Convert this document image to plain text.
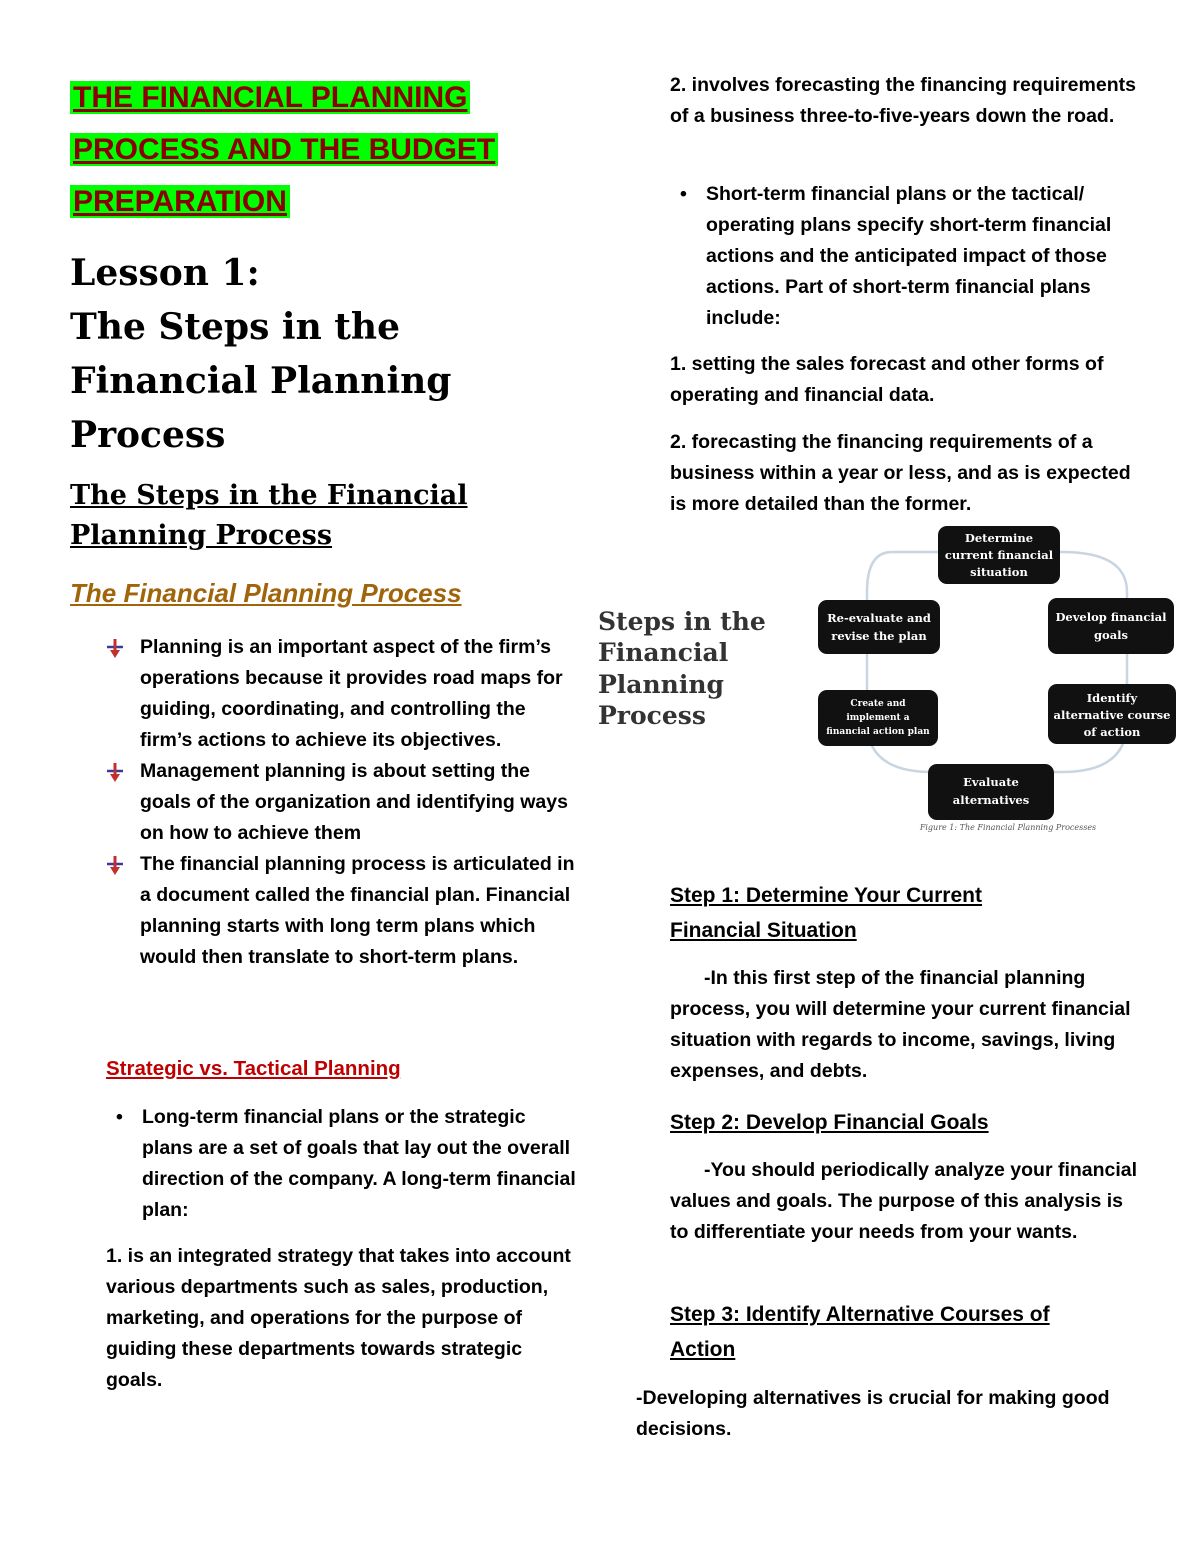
THE FINANCIAL PLANNING
PROCESS AND THE BUDGET
PREPARATION
Lesson 1:
The Steps in the
Financial Planning
Process
The Steps in the Financial
Planning Process
The Financial Planning Process
Planning is an important aspect of the firm’s operations because it provides road maps for guiding, coordinating, and controlling the firm’s actions to achieve its objectives.
Management planning is about setting the goals of the organization and identifying ways on how to achieve them
The financial planning process is articulated in a document called the financial plan. Financial planning starts with long term plans which would then translate to short-term plans.
Strategic vs. Tactical Planning
• Long-term financial plans or the strategic plans are a set of goals that lay out the overall direction of the company. A long-term financial plan:
1. is an integrated strategy that takes into account various departments such as sales, production, marketing, and operations for the purpose of guiding these departments towards strategic goals.
2. involves forecasting the financing requirements of a business three-to-five-years down the road.
• Short-term financial plans or the tactical/ operating plans specify short-term financial actions and the anticipated impact of those actions. Part of short-term financial plans include:
1. setting the sales forecast and other forms of operating and financial data.
2. forecasting the financing requirements of a business within a year or less, and as is expected is more detailed than the former.
Steps in the
Financial
Planning
Process
Determine
current financial
situation
Develop financial
goals
Identify
alternative course
of action
Evaluate
alternatives
Create and
implement a
financial action plan
Re-evaluate and
revise the plan
Figure 1: The Financial Planning Processes
Step 1: Determine Your Current
Financial Situation
-In this first step of the financial planning process, you will determine your current financial situation with regards to income, savings, living expenses, and debts.
Step 2: Develop Financial Goals
-You should periodically analyze your financial values and goals. The purpose of this analysis is to differentiate your needs from your wants.
Step 3: Identify Alternative Courses of
Action
-Developing alternatives is crucial for making good decisions.
